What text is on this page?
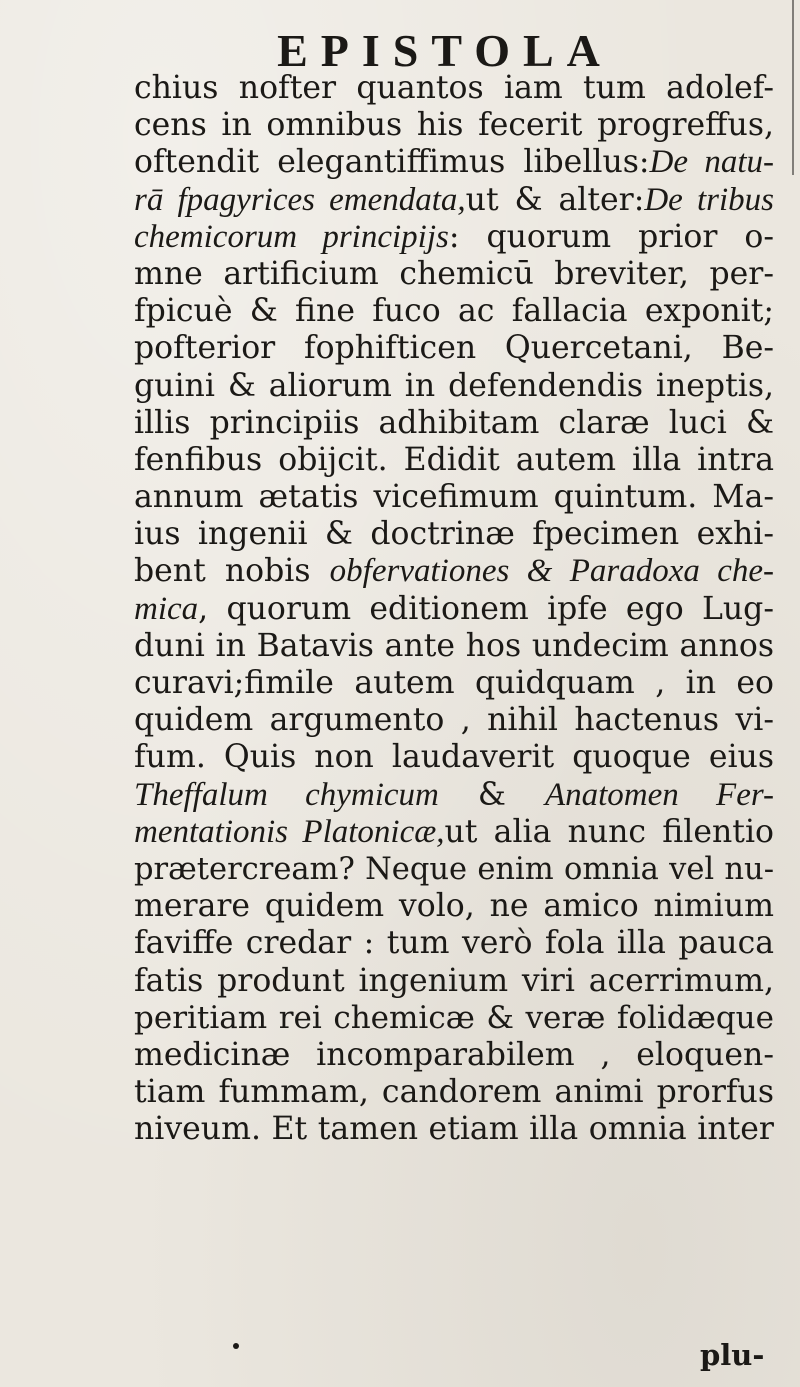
EPISTOLA
chius nofter quantos iam tum adolef-
cens in omnibus his fecerit progreffus,
oftendit elegantiffimus libellus:De natu-
rā fpagyrices emendata,ut & alter:De tribus
chemicorum principijs: quorum prior o-
mne artificium chemicū breviter, per-
fpicuè & fine fuco ac fallacia exponit;
pofterior fophifticen Quercetani, Be-
guini & aliorum in defendendis ineptis,
illis principiis adhibitam claræ luci &
fenfibus obijcit. Edidit autem illa intra
annum ætatis vicefimum quintum. Ma-
ius ingenii & doctrinæ fpecimen exhi-
bent nobis obfervationes & Paradoxa che-
mica, quorum editionem ipfe ego Lug-
duni in Batavis ante hos undecim annos
curavi;fimile autem quidquam , in eo
quidem argumento , nihil hactenus vi-
fum. Quis non laudaverit quoque eius
Theffalum chymicum & Anatomen Fer-
mentationis Platonicæ,ut alia nunc filentio
prætercream? Neque enim omnia vel nu-
merare quidem volo, ne amico nimium
faviffe credar : tum verò fola illa pauca
fatis produnt ingenium viri acerrimum,
peritiam rei chemicæ & veræ folidæque
medicinæ incomparabilem , eloquen-
tiam fummam, candorem animi prorfus
niveum. Et tamen etiam illa omnia inter
plu-
